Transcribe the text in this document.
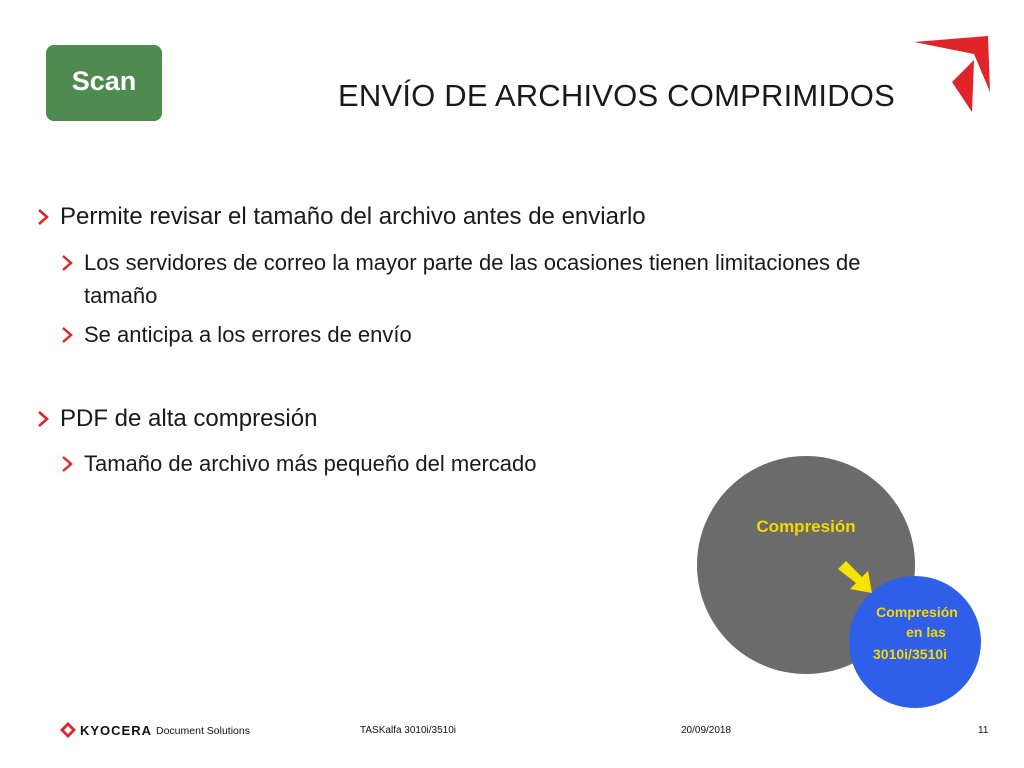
Scan	ENVÍO DE ARCHIVOS COMPRIMIDOS
Permite revisar el tamaño del archivo antes de enviarlo
Los servidores de correo la mayor parte de las ocasiones tienen limitaciones de
tamaño
Se anticipa a los errores de envío
PDF de alta compresión
Tamaño de archivo más pequeño del mercado
Compresión
Compresión
en las
3010i/3510i
KYOCERA Document Solutions	TASKalfa 3010i/3510i	20/09/2018	11
